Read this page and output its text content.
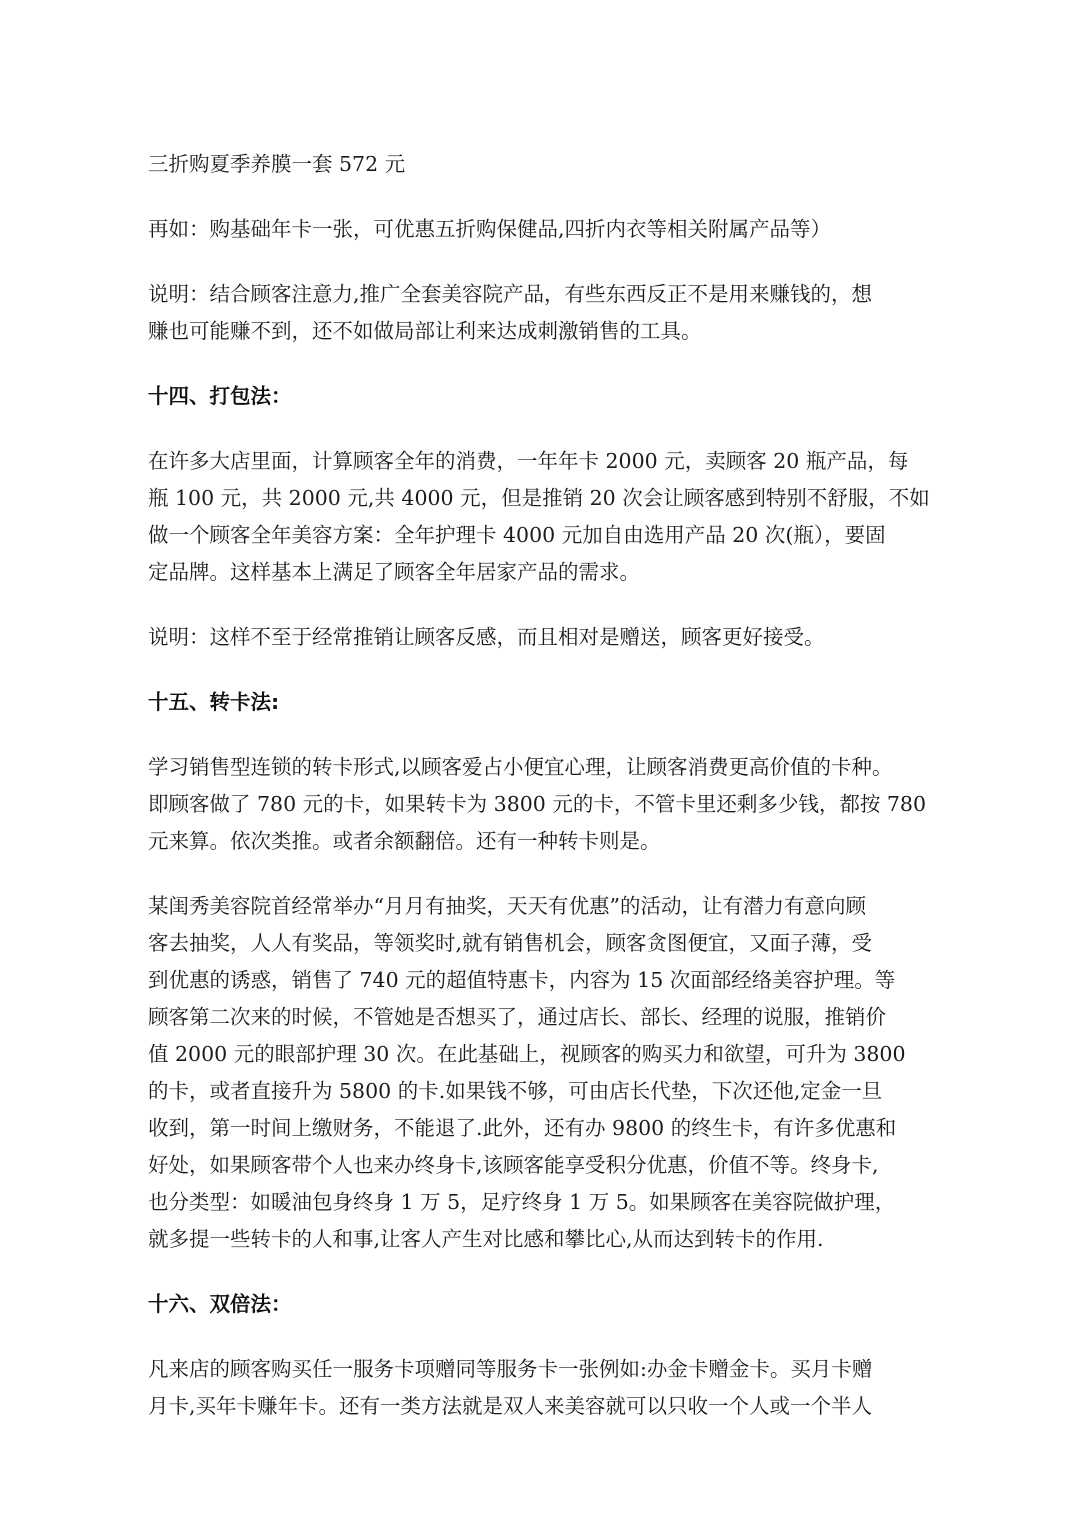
三折购夏季养膜一套 572 元

再如：购基础年卡一张，可优惠五折购保健品,四折内衣等相关附属产品等）

说明：结合顾客注意力,推广全套美容院产品，有些东西反正不是用来赚钱的，想
赚也可能赚不到，还不如做局部让利来达成刺激销售的工具。

十四、打包法：

在许多大店里面，计算顾客全年的消费，一年年卡 2000 元，卖顾客 20 瓶产品，每
瓶 100 元，共 2000 元,共 4000 元，但是推销 20 次会让顾客感到特别不舒服，不如
做一个顾客全年美容方案：全年护理卡 4000 元加自由选用产品 20 次(瓶），要固
定品牌。这样基本上满足了顾客全年居家产品的需求。

说明：这样不至于经常推销让顾客反感，而且相对是赠送，顾客更好接受。

十五、转卡法:

学习销售型连锁的转卡形式,以顾客爱占小便宜心理，让顾客消费更高价值的卡种。
即顾客做了 780 元的卡，如果转卡为 3800 元的卡，不管卡里还剩多少钱，都按 780
元来算。依次类推。或者余额翻倍。还有一种转卡则是。

某闺秀美容院首经常举办“月月有抽奖，天天有优惠”的活动，让有潜力有意向顾
客去抽奖，人人有奖品，等领奖时,就有销售机会，顾客贪图便宜，又面子薄，受
到优惠的诱惑，销售了 740 元的超值特惠卡，内容为 15 次面部经络美容护理。等
顾客第二次来的时候，不管她是否想买了，通过店长、部长、经理的说服，推销价
值 2000 元的眼部护理 30 次。在此基础上，视顾客的购买力和欲望，可升为 3800
的卡，或者直接升为 5800 的卡.如果钱不够，可由店长代垫，下次还他,定金一旦
收到，第一时间上缴财务，不能退了.此外，还有办 9800 的终生卡，有许多优惠和
好处，如果顾客带个人也来办终身卡,该顾客能享受积分优惠，价值不等。终身卡,
也分类型：如暖油包身终身 1 万 5，足疗终身 1 万 5。如果顾客在美容院做护理，
就多提一些转卡的人和事,让客人产生对比感和攀比心,从而达到转卡的作用.

十六、双倍法：

凡来店的顾客购买任一服务卡项赠同等服务卡一张例如:办金卡赠金卡。买月卡赠
月卡,买年卡赚年卡。还有一类方法就是双人来美容就可以只收一个人或一个半人
